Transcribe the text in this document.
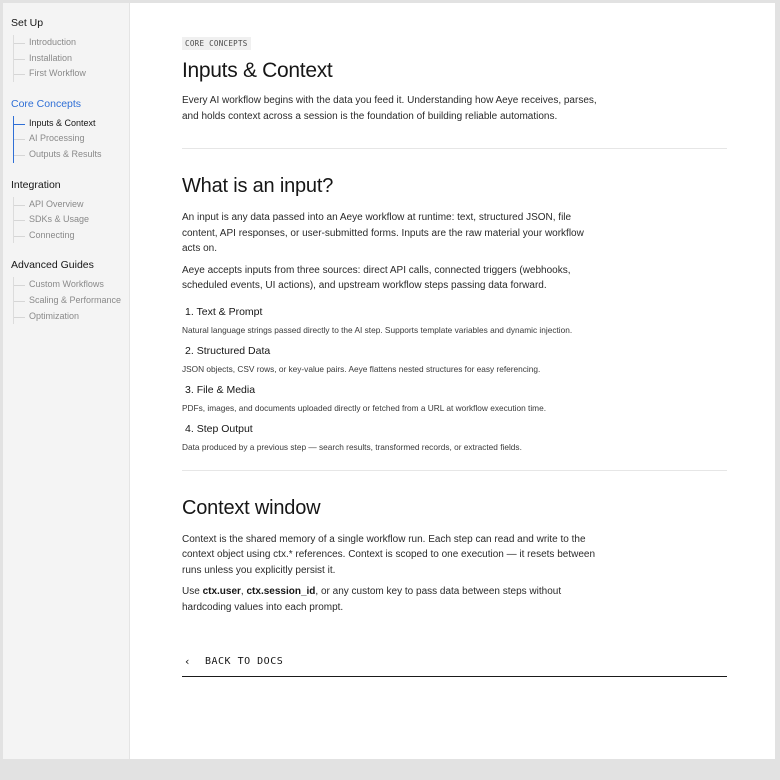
Set Up
Introduction
Installation
First Workflow
Core Concepts
Inputs & Context
AI Processing
Outputs & Results
Integration
API Overview
SDKs & Usage
Connecting
Advanced Guides
Custom Workflows
Scaling & Performance
Optimization
CORE CONCEPTS
Inputs & Context

Every AI workflow begins with the data you feed it. Understanding how Aeye receives, parses, and holds context across a session is the foundation of building reliable automations.

What is an input?

An input is any data passed into an Aeye workflow at runtime: text, structured JSON, file content, API responses, or user-submitted forms. Inputs are the raw material your workflow acts on.

Aeye accepts inputs from three sources: direct API calls, connected triggers (webhooks, scheduled events, UI actions), and upstream workflow steps passing data forward.

1. Text & Prompt
Natural language strings passed directly to the AI step. Supports template variables and dynamic injection.
2. Structured Data
JSON objects, CSV rows, or key-value pairs. Aeye flattens nested structures for easy referencing.
3. File & Media
PDFs, images, and documents uploaded directly or fetched from a URL at workflow execution time.
4. Step Output
Data produced by a previous step — search results, transformed records, or extracted fields.
Context window

Context is the shared memory of a single workflow run. Each step can read and write to the context object using ctx.* references. Context is scoped to one execution — it resets between runs unless you explicitly persist it.

Use ctx.user, ctx.session_id, or any custom key to pass data between steps without hardcoding values into each prompt.

‹	BACK TO DOCS
